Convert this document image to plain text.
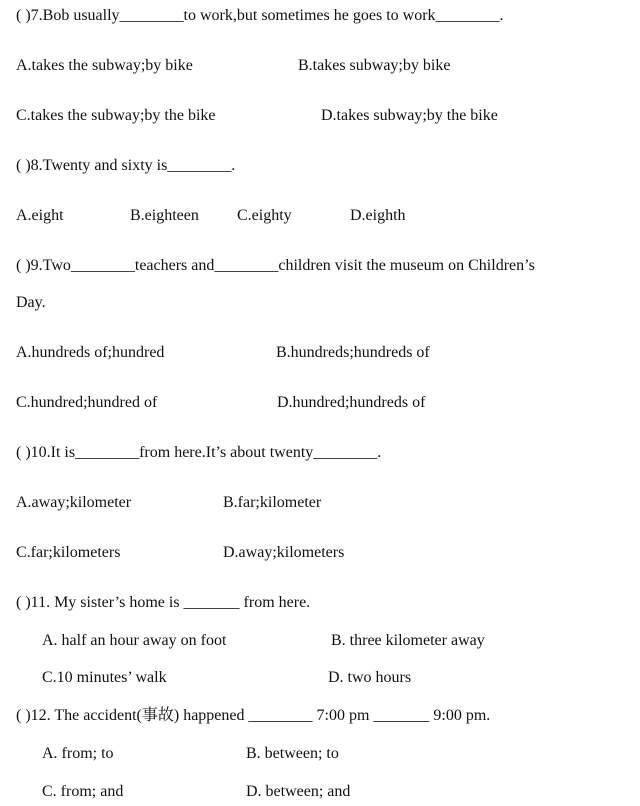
( )7.Bob usually________to work,but sometimes he goes to work________.
A.takes the subway;by bike	B.takes subway;by bike
C.takes the subway;by the bike	D.takes subway;by the bike
( )8.Twenty and sixty is________.
A.eight	B.eighteen C.eighty	D.eighth
( )9.Two________teachers and________children visit the museum on Children’s
Day.
A.hundreds of;hundred	B.hundreds;hundreds of
C.hundred;hundred of	D.hundred;hundreds of
( )10.It is________from here.It’s about twenty________.
A.away;kilometer	B.far;kilometer
C.far;kilometers	D.away;kilometers
( )11. My sister’s home is _______ from here.
A. half an hour away on foot	B. three kilometer away
C.10 minutes’ walk	D. two hours
( )12. The accident(事故) happened ________ 7:00 pm _______ 9:00 pm.
A. from; to	B. between; to
C. from; and	D. between; and
